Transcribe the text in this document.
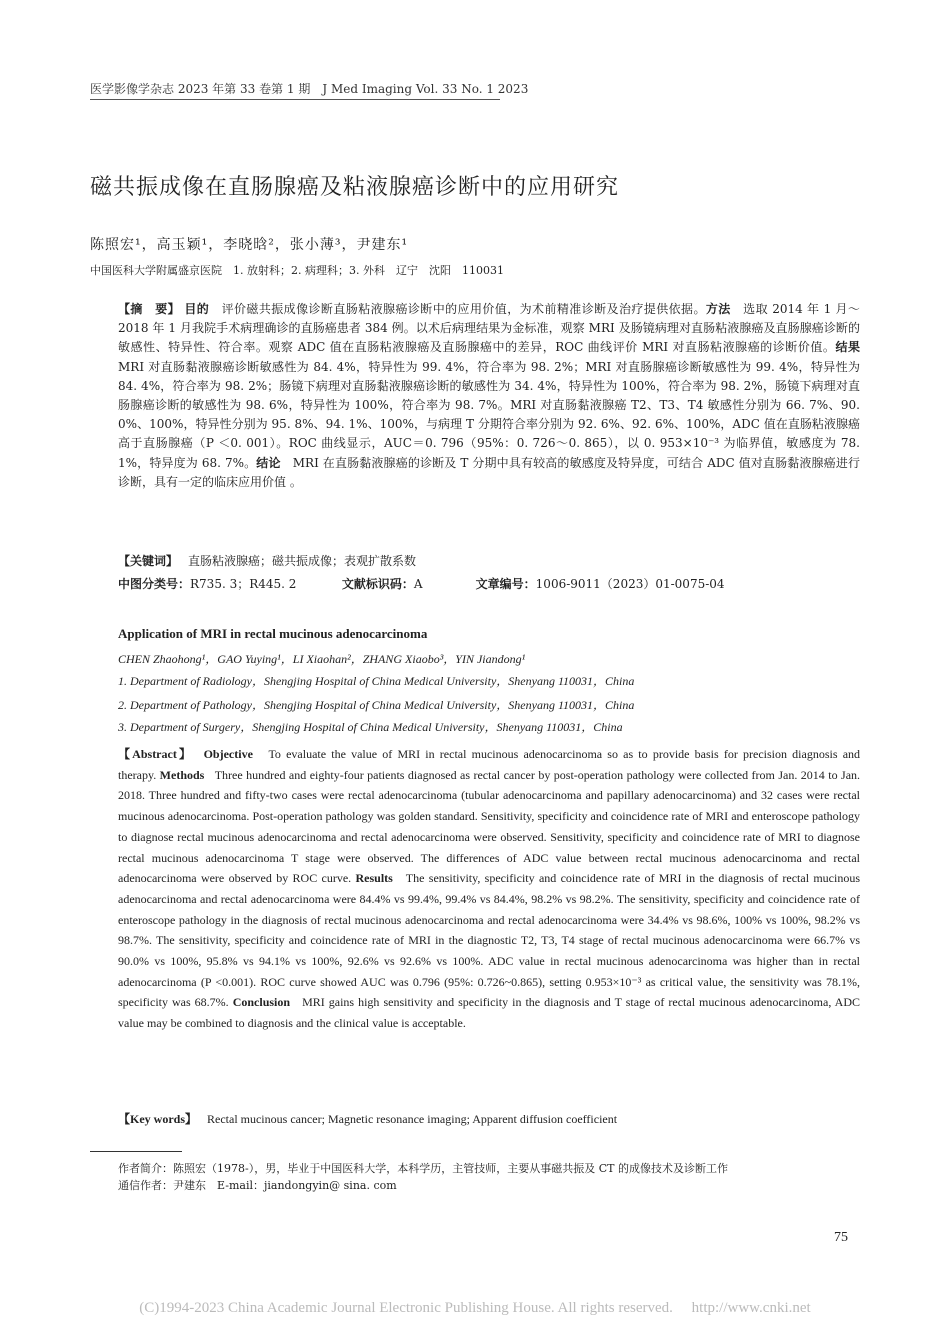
医学影像学杂志 2023 年第 33 卷第 1 期　J Med Imaging Vol. 33 No. 1 2023
磁共振成像在直肠腺癌及粘液腺癌诊断中的应用研究
陈照宏¹，高玉颖¹，李晓晗²，张小薄³，尹建东¹
中国医科大学附属盛京医院　1. 放射科；2. 病理科；3. 外科　辽宁　沈阳　110031
【摘　要】 目的　 评价磁共振成像诊断直肠粘液腺癌诊断中的应用价值，为术前精准诊断及治疗提供依据。方法　 选取 2014 年 1 月～2018 年 1 月我院手术病理确诊的直肠癌患者 384 例。以术后病理结果为金标准，观察 MRI 及肠镜病理对直肠粘液腺癌及直肠腺癌诊断的敏感性、特异性、符合率。观察 ADC 值在直肠粘液腺癌及直肠腺癌中的差异，ROC 曲线评价 MRI 对直肠粘液腺癌的诊断价值。结果　MRI 对直肠黏液腺癌诊断敏感性为 84. 4%，特异性为 99. 4%，符合率为 98. 2%；MRI 对直肠腺癌诊断敏感性为 99. 4%，特异性为 84. 4%，符合率为 98. 2%；肠镜下病理对直肠黏液腺癌诊断的敏感性为 34. 4%，特异性为 100%，符合率为 98. 2%，肠镜下病理对直肠腺癌诊断的敏感性为 98. 6%，特异性为 100%，符合率为 98. 7%。MRI 对直肠黏液腺癌 T2、T3、T4 敏感性分别为 66. 7%、90. 0%、100%，特异性分别为 95. 8%、94. 1%、100%，与病理 T 分期符合率分别为 92. 6%、92. 6%、100%，ADC 值在直肠粘液腺癌高于直肠腺癌（P ＜0. 001）。ROC 曲线显示，AUC＝0. 796（95%：0. 726～0. 865），以 0. 953×10⁻³ 为临界值，敏感度为 78. 1%，特异度为 68. 7%。结论　 MRI 在直肠黏液腺癌的诊断及 T 分期中具有较高的敏感度及特异度，可结合 ADC 值对直肠黏液腺癌进行诊断，具有一定的临床应用价值 。
【关键词】 直肠粘液腺癌；磁共振成像；表观扩散系数
中图分类号：R735. 3；R445. 2	文献标识码：A	文章编号：1006-9011（2023）01-0075-04
Application of MRI in rectal mucinous adenocarcinoma
CHEN Zhaohong¹，GAO Yuying¹，LI Xiaohan²，ZHANG Xiaobo³，YIN Jiandong¹
1. Department of Radiology，Shengjing Hospital of China Medical University，Shenyang 110031，China
2. Department of Pathology，Shengjing Hospital of China Medical University，Shenyang 110031，China
3. Department of Surgery，Shengjing Hospital of China Medical University，Shenyang 110031，China
【Abstract】 Objective To evaluate the value of MRI in rectal mucinous adenocarcinoma so as to provide basis for precision diagnosis and therapy. Methods Three hundred and eighty-four patients diagnosed as rectal cancer by post-operation pathology were collected from Jan. 2014 to Jan. 2018. Three hundred and fifty-two cases were rectal adenocarcinoma (tubular adenocarcinoma and papillary adenocarcinoma) and 32 cases were rectal mucinous adenocarcinoma. Post-operation pathology was golden standard. Sensitivity, specificity and coincidence rate of MRI and enteroscope pathology to diagnose rectal mucinous adenocarcinoma and rectal adenocarcinoma were observed. Sensitivity, specificity and coincidence rate of MRI to diagnose rectal mucinous adenocarcinoma T stage were observed. The differences of ADC value between rectal mucinous adenocarcinoma and rectal adenocarcinoma were observed by ROC curve. Results The sensitivity, specificity and coincidence rate of MRI in the diagnosis of rectal mucinous adenocarcinoma and rectal adenocarcinoma were 84.4% vs 99.4%, 99.4% vs 84.4%, 98.2% vs 98.2%. The sensitivity, specificity and coincidence rate of enteroscope pathology in the diagnosis of rectal mucinous adenocarcinoma and rectal adenocarcinoma were 34.4% vs 98.6%, 100% vs 100%, 98.2% vs 98.7%. The sensitivity, specificity and coincidence rate of MRI in the diagnostic T2, T3, T4 stage of rectal mucinous adenocarcinoma were 66.7% vs 90.0% vs 100%, 95.8% vs 94.1% vs 100%, 92.6% vs 92.6% vs 100%. ADC value in rectal mucinous adenocarcinoma was higher than in rectal adenocarcinoma (P <0.001). ROC curve showed AUC was 0.796 (95%: 0.726~0.865), setting 0.953×10⁻³ as critical value, the sensitivity was 78.1%, specificity was 68.7%. Conclusion MRI gains high sensitivity and specificity in the diagnosis and T stage of rectal mucinous adenocarcinoma, ADC value may be combined to diagnosis and the clinical value is acceptable.
【Key words】 Rectal mucinous cancer; Magnetic resonance imaging; Apparent diffusion coefficient
作者简介：陈照宏（1978-），男，毕业于中国医科大学，本科学历，主管技师，主要从事磁共振及 CT 的成像技术及诊断工作
通信作者：尹建东　E-mail：jiandongyin@ sina. com
75
(C)1994-2023 China Academic Journal Electronic Publishing House. All rights reserved.　 http://www.cnki.net
